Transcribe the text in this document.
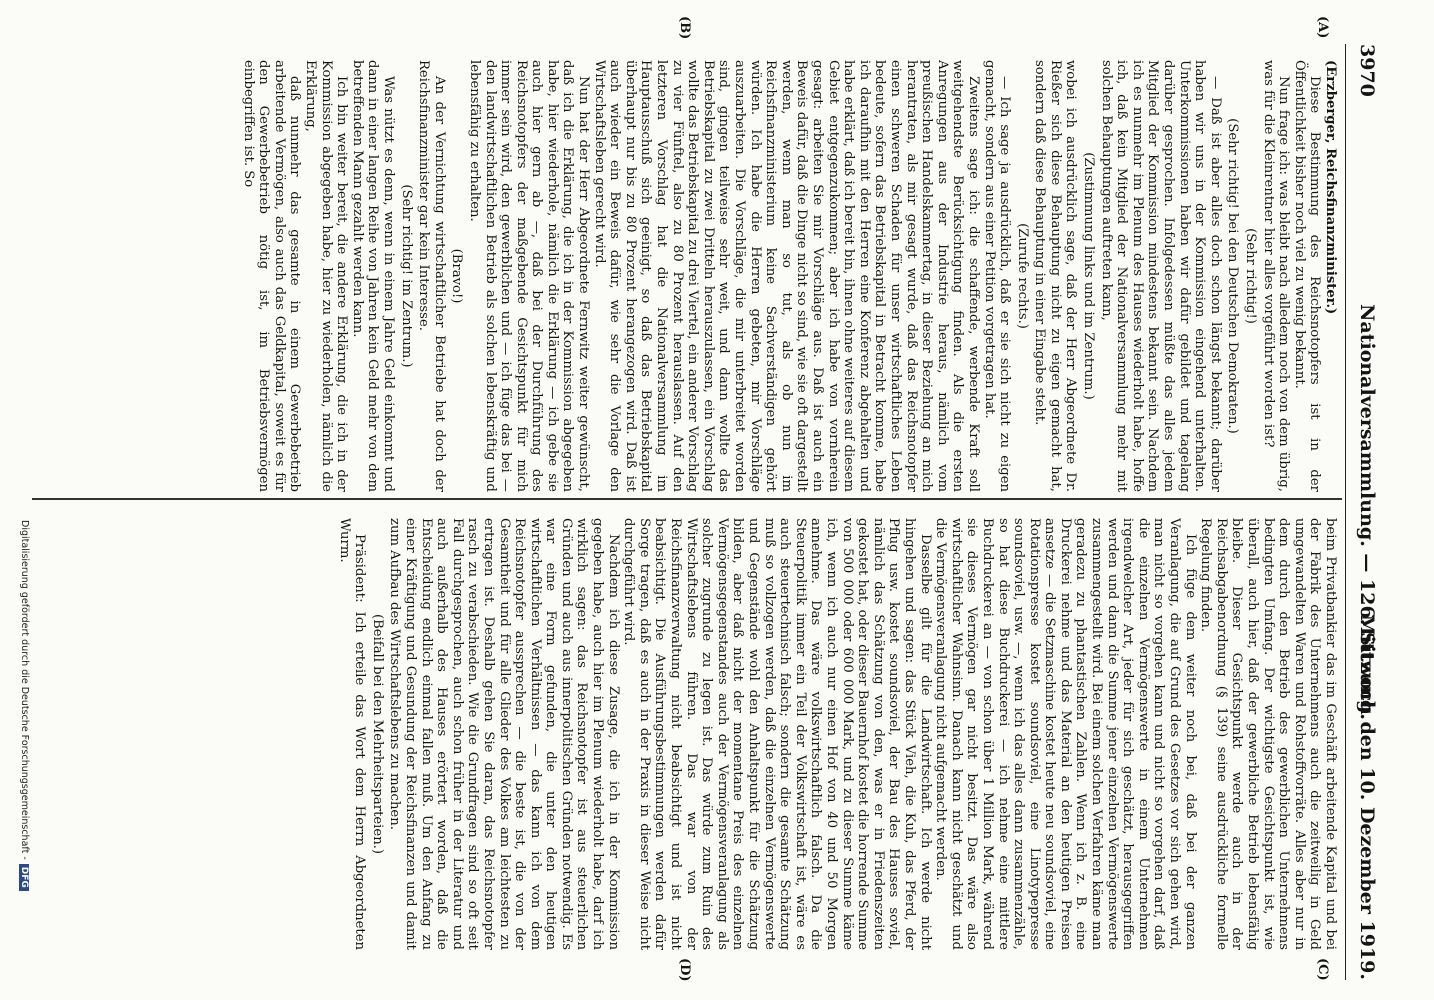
3970
Nationalversammlung. — 126. Sitzung.
Mittwoch den 10. Dezember 1919.
(A)
(B)
(C)
(D)

(Erzberger, Reichsfinanzminister.)

Diese Bestimmung des Reichsnotopfers ist in der Öffentlichkeit bisher noch viel zu wenig bekannt.

Nun frage ich: was bleibt nach alledem noch von dem übrig, was für die Kleinrentner hier alles vorgeführt worden ist?

(Sehr richtig!)

(Sehr richtig! bei den Deutschen Demokraten.)

— Daß ist aber alles doch schon längst bekannt; darüber haben wir uns in der Kommission eingehend unterhalten. Unterkommissionen haben wir dafür gebildet und tagelang darüber gesprochen. Infolgedessen müßte das alles jedem Mitglied der Kommission mindestens bekannt sein. Nachdem ich es nunmehr im Plenum des Hauses wiederholt habe, hoffe ich, daß kein Mitglied der Nationalversammlung mehr mit solchen Behauptungen auftreten kann,

(Zustimmung links und im Zentrum.)

wobei ich ausdrücklich sage, daß der Herr Abgeordnete Dr. Rießer sich diese Behauptung nicht zu eigen gemacht hat, sondern daß diese Behauptung in einer Eingabe steht.

(Zurufe rechts.)

— Ich sage ja ausdrücklich, daß er sie sich nicht zu eigen gemacht, sondern aus einer Petition vorgetragen hat.

Zweitens sage ich: die schaffende, werbende Kraft soll weitgehendste Berücksichtigung finden. Als die ersten Anregungen aus der Industrie heraus, nämlich vom preußischen Handelskammertag, in dieser Beziehung an mich herantraten, als mir gesagt wurde, daß das Reichsnotopfer einen schweren Schaden für unser wirtschaftliches Leben bedeute, sofern das Betriebskapital in Betracht komme, habe ich daraufhin mit den Herren eine Konferenz abgehalten und habe erklärt, daß ich bereit bin, ihnen ohne weiteres auf diesem Gebiet entgegenzukommen; aber ich habe von vornherein gesagt: arbeiten Sie mir Vorschläge aus. Daß ist auch ein Beweis dafür, daß die Dinge nicht so sind, wie sie oft dargestellt werden, wenn man so tut, als ob nun im Reichsfinanzministerium keine Sachverständigen gehört würden. Ich habe die Herren gebeten, mir Vorschläge auszuarbeiten. Die Vorschläge, die mir unterbreitet worden sind, gingen teilweise sehr weit, und dann wollte das Betriebskapital zu zwei Dritteln herauszulassen, ein Vorschlag wollte das Betriebskapital zu drei Viertel, ein anderer Vorschlag zu vier Fünftel, also zu 80 Prozent herauslassen. Auf den letzteren Vorschlag hat die Nationalversammlung im Hauptausschuß sich geeinigt, so daß das Betriebskapital überhaupt nur bis zu 80 Prozent herangezogen wird. Daß ist auch wieder ein Beweis dafür, wie sehr die Vorlage den Wirtschaftsleben gerecht wird.

Nun hat der Herr Abgeordnete Fernwitz weiter gewünscht, daß ich die Erklärung, die ich in der Kommission abgegeben habe, hier wiederhole, nämlich die Erklärung — ich gebe sie auch hier gern ab —, daß bei der Durchführung des Reichsnotopfers der maßgebende Gesichtspunkt für mich immer sein wird, den gewerblichen und — ich füge das bei — den landwirtschaftlichen Betrieb als solchen lebenskräftig und lebensfähig zu erhalten.

(Bravo!)

An der Vernichtung wirtschaftlicher Betriebe hat doch der Reichsfinanzminister gar kein Interesse.

(Sehr richtig! im Zentrum.)

Was nützt es denn, wenn in einem Jahre Geld einkommt und dann in einer langen Reihe von Jahren kein Geld mehr von dem betreffenden Mann gezahlt werden kann.

Ich bin weiter bereit, die andere Erklärung, die ich in der Kommission abgegeben habe, hier zu wiederholen, nämlich die Erklärung,

daß nunmehr das gesamte in einem Gewerbebetrieb arbeitende Vermögen, also auch das Geldkapital, soweit es für den Gewerbebetrieb nötig ist, im Betriebsvermögen einbegriffen ist. So

beim Privatbankier das im Geschäft arbeitende Kapital und bei der Fabrik des Unternehmens auch die zeitweilig in Geld umgewandelten Waren und Rohstoffvorräte. Alles aber nur in dem durch den Betrieb des gewerblichen Unternehmens bedingten Umfang. Der wichtigste Gesichtspunkt ist, wie überall, auch hier, daß der gewerbliche Betrieb lebensfähig bleibe. Dieser Gesichtspunkt werde auch in der Reichsabgabenordnung (§ 139) seine ausdrückliche formelle Regelung finden.

Ich füge dem weiter noch bei, daß bei der ganzen Veranlagung, die auf Grund des Gesetzes vor sich gehen wird, man nicht so vorgehen kann und nicht so vorgehen darf, daß die einzelnen Vermögenswerte in einem Unternehmen irgendwelcher Art, jeder für sich geschätzt, herausgegriffen werden und dann die Summe jener einzelnen Vermögenswerte zusammengestellt wird. Bei einem solchen Verfahren käme man geradezu zu phantastischen Zahlen. Wenn ich z. B. eine Druckerei nehme und das Material an den heutigen Preisen ansetze — die Setzmaschine kostet heute neu soundsoviel, eine Rotationspresse kostet soundsoviel, eine Linotypepresse soundsoviel, usw. —, wenn ich das alles dann zusammenzähle, so hat diese Buchdruckerei — ich nehme eine mittlere Buchdruckerei an — von schon über 1 Million Mark, während sie dieses Vermögen gar nicht besitzt. Das wäre also wirtschaftlicher Wahnsinn. Danach kann nicht geschätzt und die Vermögensveranlagung nicht aufgemacht werden.

Dasselbe gilt für die Landwirtschaft. Ich werde nicht hingehen und sagen: das Stück Vieh, die Kuh, das Pferd, der Pflug usw. kostet soundsoviel, der Bau des Hauses soviel, nämlich das Schätzung von den, was er in Friedenszeiten gekostet hat, oder dieser Bauernhof kostet die horrende Summe von 500 000 oder 600 000 Mark, und zu dieser Summe käme ich, wenn ich auch nur einen Hof von 40 und 50 Morgen annehme. Das wäre volkswirtschaftlich falsch. Da die Steuerpolitik immer ein Teil der Volkswirtschaft ist, wäre es auch steuertechnisch falsch; sondern die gesamte Schätzung muß so vollzogen werden, daß die einzelnen Vermögenswerte und Gegenstände wohl den Anhaltspunkt für die Schätzung bilden, aber daß nicht der momentane Preis des einzelnen Vermögensgegenstandes auch der Vermögensveranlagung als solcher zugrunde zu legen ist. Das würde zum Ruin des Wirtschaftslebens führen. Das war von der Reichsfinanzverwaltung nicht beabsichtigt und ist nicht beabsichtigt. Die Ausführungsbestimmungen werden dafür Sorge tragen, daß es auch in der Praxis in dieser Weise nicht durchgeführt wird.

Nachdem ich diese Zusage, die ich in der Kommission gegeben habe, auch hier im Plenum wiederholt habe, darf ich wirklich sagen: das Reichsnotopfer ist aus steuerlichen Gründen und auch aus innerpolitischen Gründen notwendig. Es war eine Form gefunden, die unter den heutigen wirtschaftlichen Verhältnissen — das kann ich von dem Reichsnotopfer aussprechen — die beste ist, die von der Gesamtheit und für alle Glieder des Volkes am leichtesten zu ertragen ist. Deshalb gehen Sie daran, das Reichsnotopfer rasch zu verabschieden. Wie die Grundfragen sind so oft seit Fall durchgesprochen, auch schon früher in der Literatur und auch außerhalb des Hauses erörtert worden, daß die Entscheidung endlich einmal fallen muß. Um den Anfang zu einer Kräftigung und Gesundung der Reichsfinanzen und damit zum Aufbau des Wirtschaftslebens zu machen.

(Beifall bei den Mehrheitsparteien.)

Präsident: Ich erteile das Wort dem Herrn Abgeordneten Wurm.

Digitalisierung gefördert durch die Deutsche Forschungsgemeinschaft -DFG
